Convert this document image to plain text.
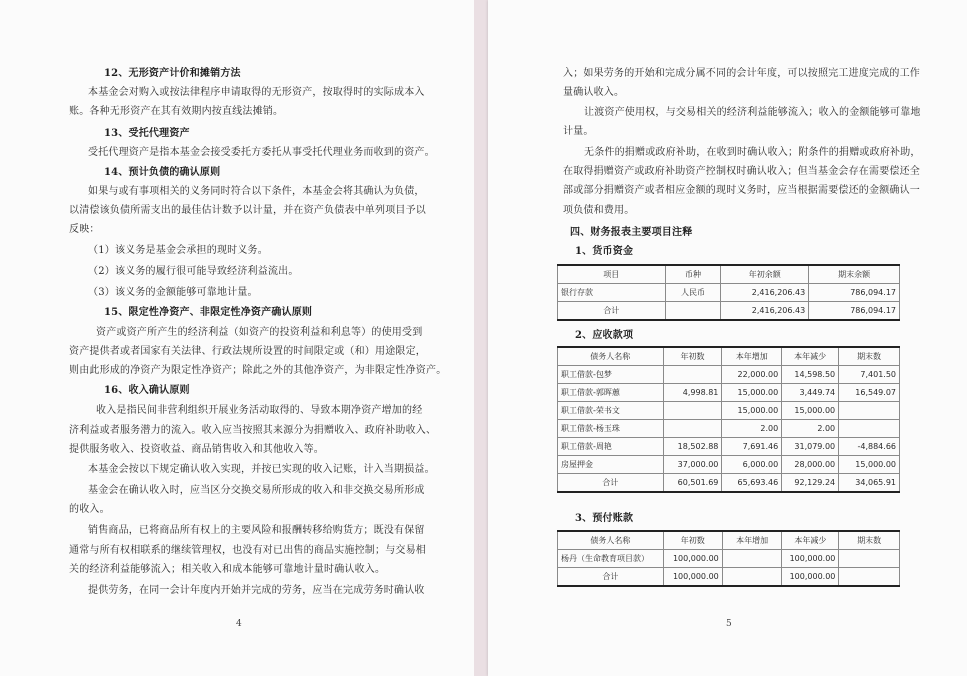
12、无形资产计价和摊销方法
本基金会对购入或按法律程序申请取得的无形资产，按取得时的实际成本入
账。各种无形资产在其有效期内按直线法摊销。
13、受托代理资产
受托代理资产是指本基金会接受委托方委托从事受托代理业务而收到的资产。
14、预计负债的确认原则
如果与或有事项相关的义务同时符合以下条件，本基金会将其确认为负债，
以清偿该负债所需支出的最佳估计数予以计量，并在资产负债表中单列项目予以
反映：
（1）该义务是基金会承担的现时义务。
（2）该义务的履行很可能导致经济利益流出。
（3）该义务的金额能够可靠地计量。
15、限定性净资产、非限定性净资产确认原则
资产或资产所产生的经济利益（如资产的投资利益和利息等）的使用受到
资产提供者或者国家有关法律、行政法规所设置的时间限定或（和）用途限定，
则由此形成的净资产为限定性净资产；除此之外的其他净资产，为非限定性净资产。
16、收入确认原则
收入是指民间非营利组织开展业务活动取得的、导致本期净资产增加的经
济利益或者服务潜力的流入。收入应当按照其来源分为捐赠收入、政府补助收入、
提供服务收入、投资收益、商品销售收入和其他收入等。
本基金会按以下规定确认收入实现，并按已实现的收入记账，计入当期损益。
基金会在确认收入时，应当区分交换交易所形成的收入和非交换交易所形成
的收入。
销售商品，已将商品所有权上的主要风险和报酬转移给购货方；既没有保留
通常与所有权相联系的继续管理权，也没有对已出售的商品实施控制；与交易相
关的经济利益能够流入；相关收入和成本能够可靠地计量时确认收入。
提供劳务，在同一会计年度内开始并完成的劳务，应当在完成劳务时确认收
4
项目	币种	年初余额	期末余额
银行存款	人民币	2,416,206.43	786,094.17
合计		2,416,206.43	786,094.17
债务人名称	年初数	本年增加	本年减少	期末数
职工借款-包梦		22,000.00	14,598.50	7,401.50
职工借款-郭晖蕙	4,998.81	15,000.00	3,449.74	16,549.07
职工借款-荣书文		15,000.00	15,000.00	
职工借款-杨玉珠		2.00	2.00	
职工借款-周艳	18,502.88	7,691.46	31,079.00	-4,884.66
房屋押金	37,000.00	6,000.00	28,000.00	15,000.00
合计	60,501.69	65,693.46	92,129.24	34,065.91
债务人名称	年初数	本年增加	本年减少	期末数
杨丹（生命教育项目款）	100,000.00		100,000.00	
合计	100,000.00		100,000.00	
入；如果劳务的开始和完成分属不同的会计年度，可以按照完工进度完成的工作
量确认收入。
让渡资产使用权，与交易相关的经济利益能够流入；收入的金额能够可靠地
计量。
无条件的捐赠或政府补助，在收到时确认收入；附条件的捐赠或政府补助，
在取得捐赠资产或政府补助资产控制权时确认收入；但当基金会存在需要偿还全
部或部分捐赠资产或者相应金额的现时义务时，应当根据需要偿还的金额确认一
项负债和费用。
四、财务报表主要项目注释
1、货币资金
2、应收款项
3、预付账款
5
